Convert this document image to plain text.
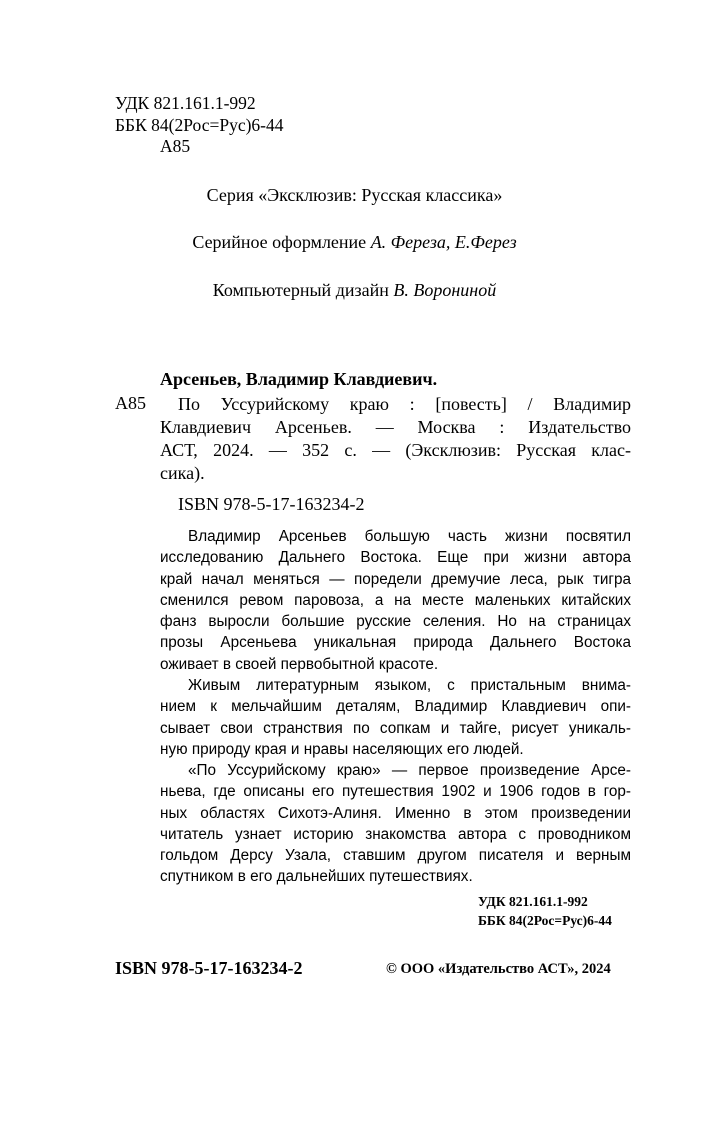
УДК 821.161.1-992
ББК 84(2Рос=Рус)6-44
А85
Серия «Эксклюзив: Русская классика»
Серийное оформление А. Фереза, Е.Ферез
Компьютерный дизайн В. Ворониной
Арсеньев, Владимир Клавдиевич.
А85 По Уссурийскому краю : [повесть] / Владимир
Клавдиевич Арсеньев. — Москва : Издательство
АСТ, 2024. — 352 с. — (Эксклюзив: Русская клас-
сика).
ISBN 978-5-17-163234-2
Владимир Арсеньев большую часть жизни посвятил
исследованию Дальнего Востока. Еще при жизни автора
край начал меняться — поредели дремучие леса, рык тигра
сменился ревом паровоза, а на месте маленьких китайских
фанз выросли большие русские селения. Но на страницах
прозы Арсеньева уникальная природа Дальнего Востока
оживает в своей первобытной красоте.
Живым литературным языком, с пристальным внима-
нием к мельчайшим деталям, Владимир Клавдиевич опи-
сывает свои странствия по сопкам и тайге, рисует уникаль-
ную природу края и нравы населяющих его людей.
«По Уссурийскому краю» — первое произведение Арсе-
ньева, где описаны его путешествия 1902 и 1906 годов в гор-
ных областях Сихотэ-Алиня. Именно в этом произведении
читатель узнает историю знакомства автора с проводником
гольдом Дерсу Узала, ставшим другом писателя и верным
спутником в его дальнейших путешествиях.
УДК 821.161.1-992
ББК 84(2Рос=Рус)6-44
ISBN 978-5-17-163234-2	© ООО «Издательство АСТ», 2024
